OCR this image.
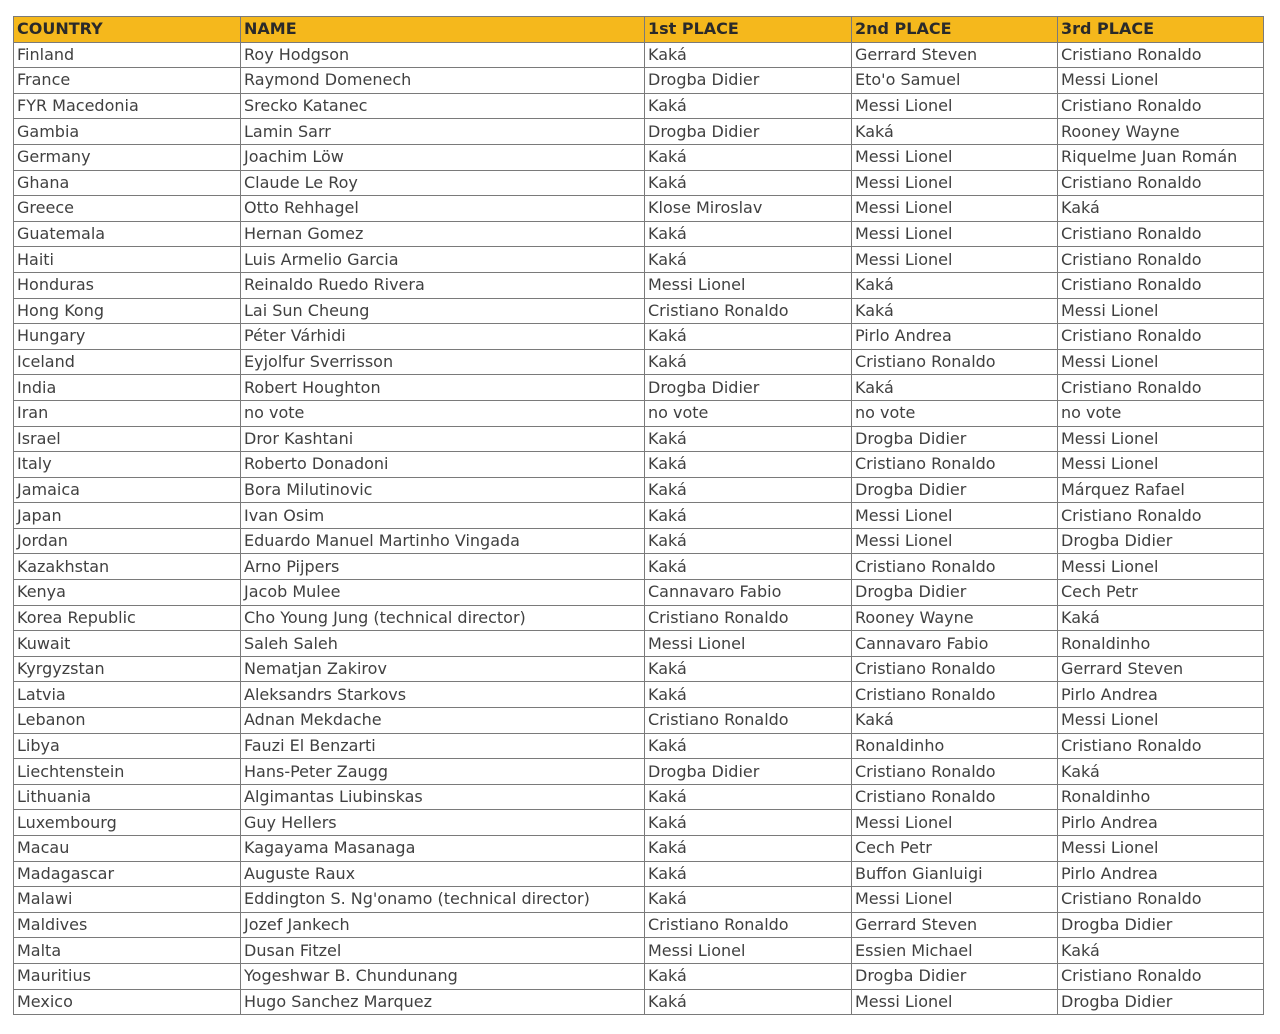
COUNTRY	NAME	1st PLACE	2nd PLACE	3rd PLACE
Finland	Roy Hodgson	Kaká	Gerrard Steven	Cristiano Ronaldo
France	Raymond Domenech	Drogba Didier	Eto'o Samuel	Messi Lionel
FYR Macedonia	Srecko Katanec	Kaká	Messi Lionel	Cristiano Ronaldo
Gambia	Lamin Sarr	Drogba Didier	Kaká	Rooney Wayne
Germany	Joachim Löw	Kaká	Messi Lionel	Riquelme Juan Román
Ghana	Claude Le Roy	Kaká	Messi Lionel	Cristiano Ronaldo
Greece	Otto Rehhagel	Klose Miroslav	Messi Lionel	Kaká
Guatemala	Hernan Gomez	Kaká	Messi Lionel	Cristiano Ronaldo
Haiti	Luis Armelio Garcia	Kaká	Messi Lionel	Cristiano Ronaldo
Honduras	Reinaldo Ruedo Rivera	Messi Lionel	Kaká	Cristiano Ronaldo
Hong Kong	Lai Sun Cheung	Cristiano Ronaldo	Kaká	Messi Lionel
Hungary	Péter Várhidi	Kaká	Pirlo Andrea	Cristiano Ronaldo
Iceland	Eyjolfur Sverrisson	Kaká	Cristiano Ronaldo	Messi Lionel
India	Robert Houghton	Drogba Didier	Kaká	Cristiano Ronaldo
Iran	no vote	no vote	no vote	no vote
Israel	Dror Kashtani	Kaká	Drogba Didier	Messi Lionel
Italy	Roberto Donadoni	Kaká	Cristiano Ronaldo	Messi Lionel
Jamaica	Bora Milutinovic	Kaká	Drogba Didier	Márquez Rafael
Japan	Ivan Osim	Kaká	Messi Lionel	Cristiano Ronaldo
Jordan	Eduardo Manuel Martinho Vingada	Kaká	Messi Lionel	Drogba Didier
Kazakhstan	Arno Pijpers	Kaká	Cristiano Ronaldo	Messi Lionel
Kenya	Jacob Mulee	Cannavaro Fabio	Drogba Didier	Cech Petr
Korea Republic	Cho Young Jung (technical director)	Cristiano Ronaldo	Rooney Wayne	Kaká
Kuwait	Saleh Saleh	Messi Lionel	Cannavaro Fabio	Ronaldinho
Kyrgyzstan	Nematjan Zakirov	Kaká	Cristiano Ronaldo	Gerrard Steven
Latvia	Aleksandrs Starkovs	Kaká	Cristiano Ronaldo	Pirlo Andrea
Lebanon	Adnan Mekdache	Cristiano Ronaldo	Kaká	Messi Lionel
Libya	Fauzi El Benzarti	Kaká	Ronaldinho	Cristiano Ronaldo
Liechtenstein	Hans-Peter Zaugg	Drogba Didier	Cristiano Ronaldo	Kaká
Lithuania	Algimantas Liubinskas	Kaká	Cristiano Ronaldo	Ronaldinho
Luxembourg	Guy Hellers	Kaká	Messi Lionel	Pirlo Andrea
Macau	Kagayama Masanaga	Kaká	Cech Petr	Messi Lionel
Madagascar	Auguste Raux	Kaká	Buffon Gianluigi	Pirlo Andrea
Malawi	Eddington S. Ng'onamo (technical director)	Kaká	Messi Lionel	Cristiano Ronaldo
Maldives	Jozef Jankech	Cristiano Ronaldo	Gerrard Steven	Drogba Didier
Malta	Dusan Fitzel	Messi Lionel	Essien Michael	Kaká
Mauritius	Yogeshwar B. Chundunang	Kaká	Drogba Didier	Cristiano Ronaldo
Mexico	Hugo Sanchez Marquez	Kaká	Messi Lionel	Drogba Didier
